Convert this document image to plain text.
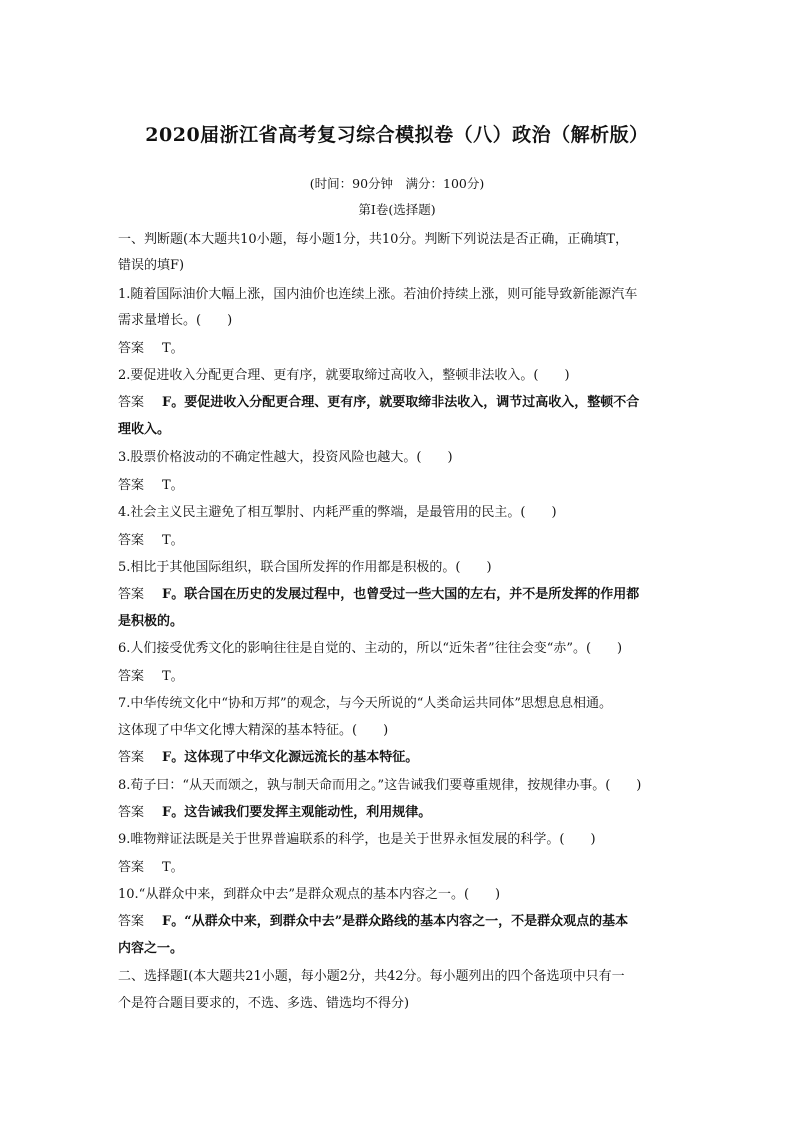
2020届浙江省高考复习综合模拟卷（八）政治（解析版）
(时间：90分钟　满分：100分)
第Ⅰ卷(选择题)
一、判断题(本大题共10小题，每小题1分，共10分。判断下列说法是否正确，正确填T，
错误的填F)
1.随着国际油价大幅上涨，国内油价也连续上涨。若油价持续上涨，则可能导致新能源汽车
需求量增长。(　　)
答案 T。
2.要促进收入分配更合理、更有序，就要取缔过高收入，整顿非法收入。(　　)
答案 F。要促进收入分配更合理、更有序，就要取缔非法收入，调节过高收入，整顿不合
理收入。
3.股票价格波动的不确定性越大，投资风险也越大。(　　)
答案 T。
4.社会主义民主避免了相互掣肘、内耗严重的弊端，是最管用的民主。(　　)
答案 T。
5.相比于其他国际组织，联合国所发挥的作用都是积极的。(　　)
答案 F。联合国在历史的发展过程中，也曾受过一些大国的左右，并不是所发挥的作用都
是积极的。
6.人们接受优秀文化的影响往往是自觉的、主动的，所以“近朱者”往往会变“赤”。(　　)
答案 T。
7.中华传统文化中“协和万邦”的观念，与今天所说的“人类命运共同体”思想息息相通。
这体现了中华文化博大精深的基本特征。(　　)
答案 F。这体现了中华文化源远流长的基本特征。
8.荀子曰：“从天而颂之，孰与制天命而用之。”这告诫我们要尊重规律，按规律办事。(　　)
答案 F。这告诫我们要发挥主观能动性，利用规律。
9.唯物辩证法既是关于世界普遍联系的科学，也是关于世界永恒发展的科学。(　　)
答案 T。
10.“从群众中来，到群众中去”是群众观点的基本内容之一。(　　)
答案 F。“从群众中来，到群众中去”是群众路线的基本内容之一，不是群众观点的基本
内容之一。
二、选择题Ⅰ(本大题共21小题，每小题2分，共42分。每小题列出的四个备选项中只有一
个是符合题目要求的，不选、多选、错选均不得分)
